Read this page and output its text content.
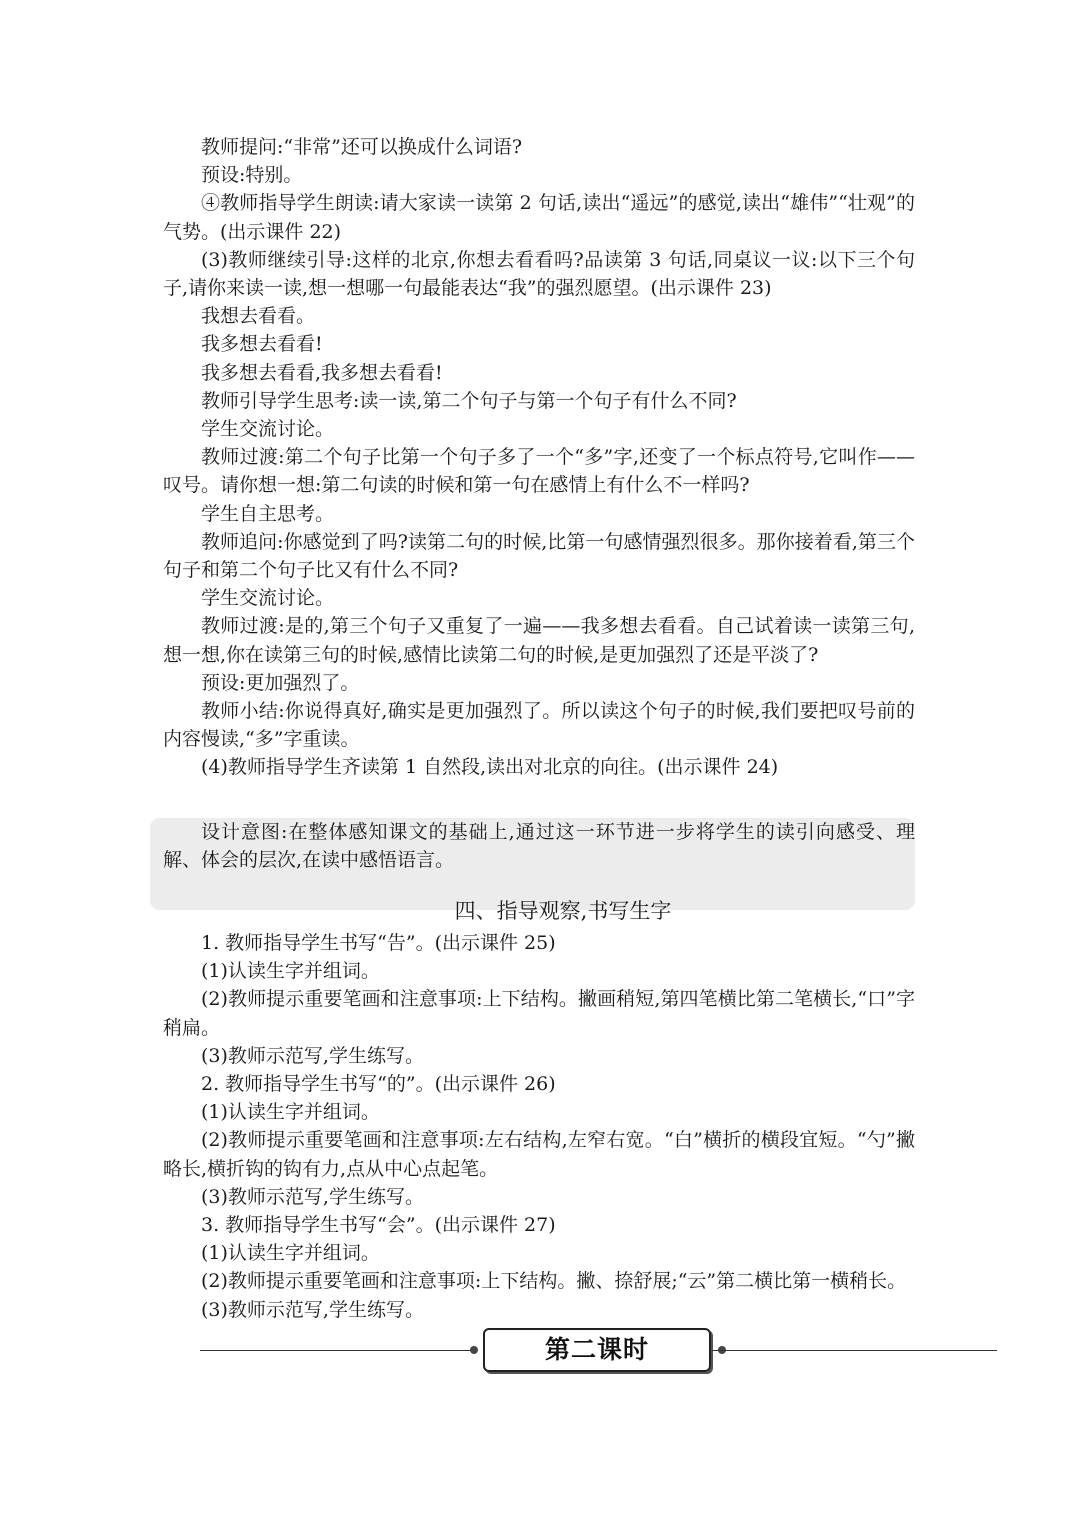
教师提问:“非常”还可以换成什么词语?

预设:特别。

④教师指导学生朗读:请大家读一读第 2 句话,读出“遥远”的感觉,读出“雄伟”“壮观”的气势。(出示课件 22)

(3)教师继续引导:这样的北京,你想去看看吗?品读第 3 句话,同桌议一议:以下三个句子,请你来读一读,想一想哪一句最能表达“我”的强烈愿望。(出示课件 23)

我想去看看。

我多想去看看!

我多想去看看,我多想去看看!

教师引导学生思考:读一读,第二个句子与第一个句子有什么不同?

学生交流讨论。

教师过渡:第二个句子比第一个句子多了一个“多”字,还变了一个标点符号,它叫作——叹号。请你想一想:第二句读的时候和第一句在感情上有什么不一样吗?

学生自主思考。

教师追问:你感觉到了吗?读第二句的时候,比第一句感情强烈很多。那你接着看,第三个句子和第二个句子比又有什么不同?

学生交流讨论。

教师过渡:是的,第三个句子又重复了一遍——我多想去看看。自己试着读一读第三句,想一想,你在读第三句的时候,感情比读第二句的时候,是更加强烈了还是平淡了?

预设:更加强烈了。

教师小结:你说得真好,确实是更加强烈了。所以读这个句子的时候,我们要把叹号前的内容慢读,“多”字重读。

(4)教师指导学生齐读第 1 自然段,读出对北京的向往。(出示课件 24)

设计意图:在整体感知课文的基础上,通过这一环节进一步将学生的读引向感受、理解、体会的层次,在读中感悟语言。

四、指导观察,书写生字

1. 教师指导学生书写“告”。(出示课件 25)

(1)认读生字并组词。

(2)教师提示重要笔画和注意事项:上下结构。撇画稍短,第四笔横比第二笔横长,“口”字稍扁。

(3)教师示范写,学生练写。

2. 教师指导学生书写“的”。(出示课件 26)

(1)认读生字并组词。

(2)教师提示重要笔画和注意事项:左右结构,左窄右宽。“白”横折的横段宜短。“勺”撇略长,横折钩的钩有力,点从中心点起笔。

(3)教师示范写,学生练写。

3. 教师指导学生书写“会”。(出示课件 27)

(1)认读生字并组词。

(2)教师提示重要笔画和注意事项:上下结构。撇、捺舒展;“云”第二横比第一横稍长。

(3)教师示范写,学生练写。

第二课时
